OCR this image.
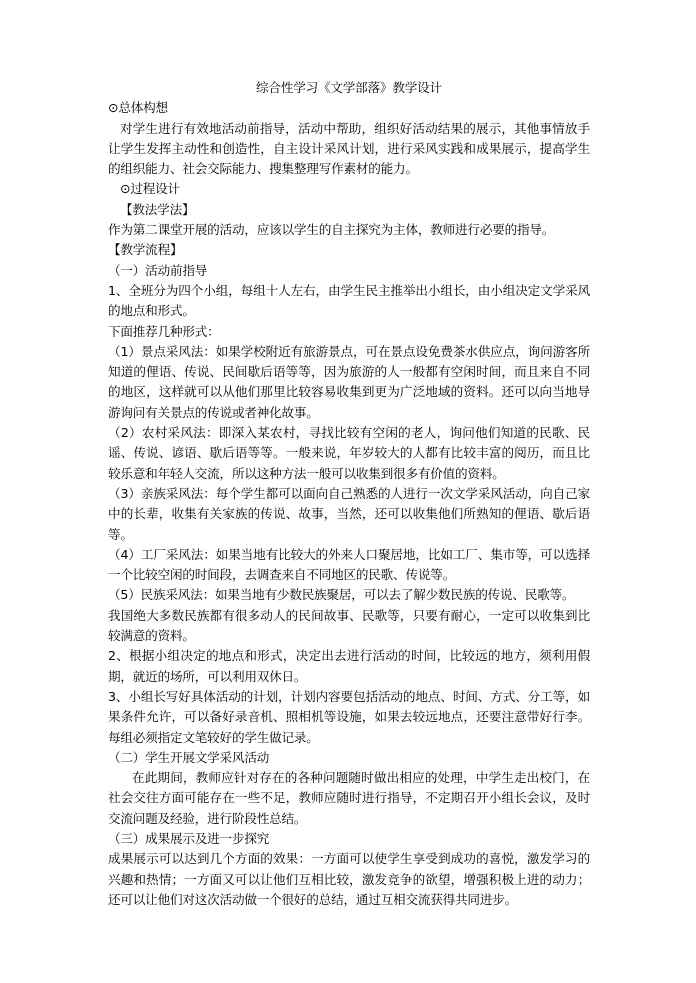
综合性学习《文学部落》教学设计

⊙总体构想

对学生进行有效地活动前指导，活动中帮助，组织好活动结果的展示，其他事情放手让学生发挥主动性和创造性，自主设计采风计划，进行采风实践和成果展示，提高学生的组织能力、社会交际能力、搜集整理写作素材的能力。

⊙过程设计

【教法学法】

作为第二课堂开展的活动，应该以学生的自主探究为主体，教师进行必要的指导。

【教学流程】

（一）活动前指导

1、全班分为四个小组，每组十人左右，由学生民主推举出小组长，由小组决定文学采风的地点和形式。

下面推荐几种形式：

（1）景点采风法：如果学校附近有旅游景点，可在景点设免费茶水供应点，询问游客所知道的俚语、传说、民间歇后语等等，因为旅游的人一般都有空闲时间，而且来自不同的地区，这样就可以从他们那里比较容易收集到更为广泛地域的资料。还可以向当地导游询问有关景点的传说或者神化故事。

（2）农村采风法：即深入某农村，寻找比较有空闲的老人，询问他们知道的民歌、民谣、传说、谚语、歇后语等等。一般来说，年岁较大的人都有比较丰富的阅历，而且比较乐意和年轻人交流，所以这种方法一般可以收集到很多有价值的资料。

（3）亲族采风法：每个学生都可以面向自己熟悉的人进行一次文学采风活动，向自己家中的长辈，收集有关家族的传说、故事，当然，还可以收集他们所熟知的俚语、歇后语等。

（4）工厂采风法：如果当地有比较大的外来人口聚居地，比如工厂、集市等，可以选择一个比较空闲的时间段，去调查来自不同地区的民歌、传说等。

（5）民族采风法：如果当地有少数民族聚居，可以去了解少数民族的传说、民歌等。

我国绝大多数民族都有很多动人的民间故事、民歌等，只要有耐心，一定可以收集到比较满意的资料。

2、根据小组决定的地点和形式，决定出去进行活动的时间，比较远的地方，须利用假期，就近的场所，可以利用双休日。

3、小组长写好具体活动的计划，计划内容要包括活动的地点、时间、方式、分工等，如果条件允许，可以备好录音机、照相机等设施，如果去较远地点，还要注意带好行李。每组必须指定文笔较好的学生做记录。

（二）学生开展文学采风活动

在此期间，教师应针对存在的各种问题随时做出相应的处理，中学生走出校门，在社会交往方面可能存在一些不足，教师应随时进行指导，不定期召开小组长会议，及时交流问题及经验，进行阶段性总结。

（三）成果展示及进一步探究

成果展示可以达到几个方面的效果：一方面可以使学生享受到成功的喜悦，激发学习的兴趣和热情；一方面又可以让他们互相比较，激发竞争的欲望，增强积极上进的动力；还可以让他们对这次活动做一个很好的总结，通过互相交流获得共同进步。
